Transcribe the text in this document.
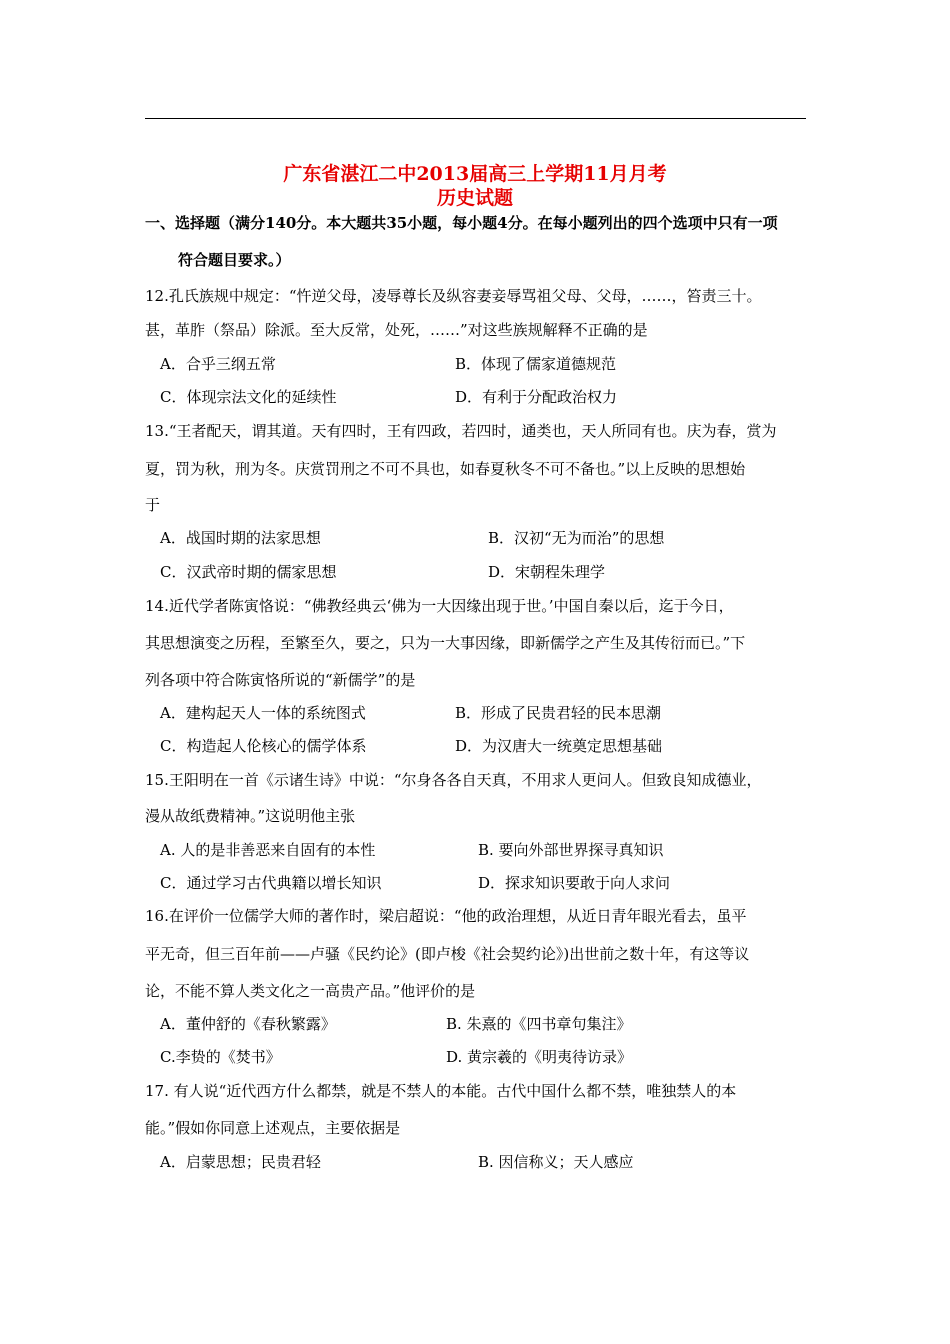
广东省湛江二中2013届高三上学期11月月考
历史试题
一、选择题（满分140分。本大题共35小题，每小题4分。在每小题列出的四个选项中只有一项
符合题目要求。）
12.孔氏族规中规定：“忤逆父母，凌辱尊长及纵容妻妾辱骂祖父母、父母，……，笞责三十。
甚，革胙（祭品）除派。至大反常，处死，……”对这些族规解释不正确的是
A．合乎三纲五常	B．体现了儒家道德规范
C．体现宗法文化的延续性	D．有利于分配政治权力
13.“王者配天，谓其道。天有四时，王有四政，若四时，通类也，天人所同有也。庆为春，赏为
夏，罚为秋，刑为冬。庆赏罚刑之不可不具也，如春夏秋冬不可不备也。”以上反映的思想始
于
A．战国时期的法家思想	B．汉初“无为而治”的思想
C．汉武帝时期的儒家思想	D．宋朝程朱理学
14.近代学者陈寅恪说：“佛教经典云‘佛为一大因缘出现于世。’中国自秦以后，迄于今日，
其思想演变之历程，至繁至久，要之，只为一大事因缘，即新儒学之产生及其传衍而已。”下
列各项中符合陈寅恪所说的“新儒学”的是
A．建构起天人一体的系统图式	B．形成了民贵君轻的民本思潮
C．构造起人伦核心的儒学体系	D．为汉唐大一统奠定思想基础
15.王阳明在一首《示诸生诗》中说：“尔身各各自天真，不用求人更问人。但致良知成德业，
漫从故纸费精神。”这说明他主张
A. 人的是非善恶来自固有的本性	B. 要向外部世界探寻真知识
C．通过学习古代典籍以增长知识	D．探求知识要敢于向人求问
16.在评价一位儒学大师的著作时，梁启超说：“他的政治理想，从近日青年眼光看去，虽平
平无奇，但三百年前——卢骚《民约论》(即卢梭《社会契约论》)出世前之数十年，有这等议
论，不能不算人类文化之一高贵产品。”他评价的是
A．董仲舒的《春秋繁露》	B. 朱熹的《四书章句集注》
C.李贽的《焚书》	D. 黄宗羲的《明夷待访录》
17. 有人说“近代西方什么都禁，就是不禁人的本能。古代中国什么都不禁，唯独禁人的本
能。”假如你同意上述观点，主要依据是
A．启蒙思想；民贵君轻	B. 因信称义；天人感应
